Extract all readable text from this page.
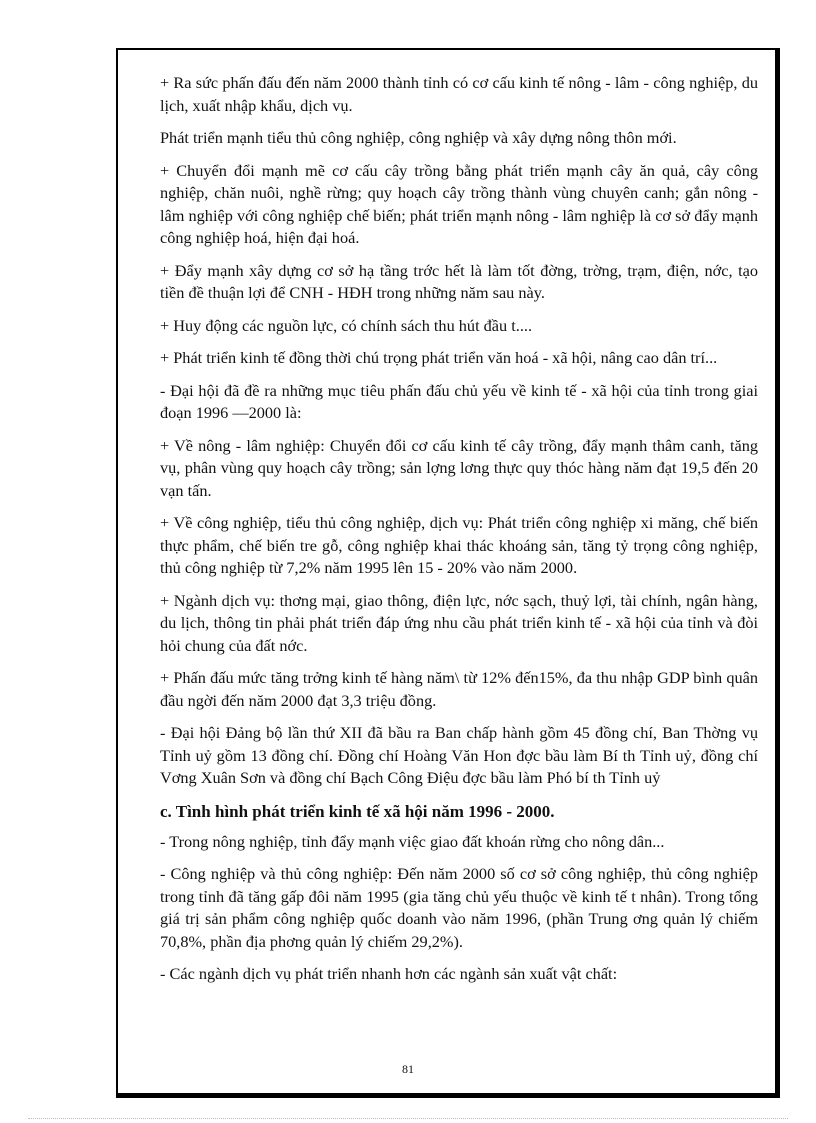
+ Ra sức phấn đấu đến năm 2000 thành tỉnh có cơ cấu kinh tế nông - lâm - công nghiệp, du lịch, xuất nhập khẩu, dịch vụ.

Phát triển mạnh tiểu thủ công nghiệp, công nghiệp và xây dựng nông thôn mới.

+ Chuyển đổi mạnh mẽ cơ cấu cây trồng bằng phát triển mạnh cây ăn quả, cây công nghiệp, chăn nuôi, nghề rừng; quy hoạch cây trồng thành vùng chuyên canh; gắn nông - lâm nghiệp với công nghiệp chế biến; phát triển mạnh nông - lâm nghiệp là cơ sở đẩy mạnh công nghiệp hoá, hiện đại hoá.

+ Đẩy mạnh xây dựng cơ sở hạ tầng trớc hết là làm tốt đờng, trờng, trạm, điện, nớc, tạo tiền đề thuận lợi để CNH - HĐH trong những năm sau này.

+ Huy động các nguồn lực, có chính sách thu hút đầu t....

+ Phát triển kinh tế đồng thời chú trọng phát triển văn hoá - xã hội, nâng cao dân trí...

- Đại hội đã đề ra những mục tiêu phấn đấu chủ yếu về kinh tế - xã hội của tỉnh trong giai đoạn 1996 —2000 là:

+ Về nông - lâm nghiệp: Chuyển đổi cơ cấu kinh tế cây trồng, đẩy mạnh thâm canh, tăng vụ, phân vùng quy hoạch cây trồng; sản lợng lơng thực quy thóc hàng năm đạt 19,5 đến 20 vạn tấn.

+ Về công nghiệp, tiểu thủ công nghiệp, dịch vụ: Phát triển công nghiệp xi măng, chế biến thực phẩm, chế biến tre gỗ, công nghiệp khai thác khoáng sản, tăng tỷ trọng công nghiệp, thủ công nghiệp từ 7,2% năm 1995 lên 15 - 20% vào năm 2000.

+ Ngành dịch vụ: thơng mại, giao thông, điện lực, nớc sạch, thuỷ lợi, tài chính, ngân hàng, du lịch, thông tin phải phát triển đáp ứng nhu cầu phát triển kinh tế - xã hội của tỉnh và đòi hỏi chung của đất nớc.

+ Phấn đấu mức tăng trởng kinh tế hàng năm\ từ 12% đến15%, đa thu nhập GDP bình quân đầu ngời đến năm 2000 đạt 3,3 triệu đồng.

- Đại hội Đảng bộ lần thứ XII đã bầu ra Ban chấp hành gồm 45 đồng chí, Ban Thờng vụ Tỉnh uỷ gồm 13 đồng chí. Đồng chí Hoàng Văn Hon đợc bầu làm Bí th Tỉnh uỷ, đồng chí Vơng Xuân Sơn và đồng chí Bạch Công Điệu đợc bầu làm Phó bí th Tỉnh uỷ

c. Tình hình phát triển kinh tế xã hội năm 1996 - 2000.

- Trong nông nghiệp, tỉnh đẩy mạnh việc giao đất khoán rừng cho nông dân...

- Công nghiệp và thủ công nghiệp: Đến năm 2000 số cơ sở công nghiệp, thủ công nghiệp trong tỉnh đã tăng gấp đôi năm 1995 (gia tăng chủ yếu thuộc về kinh tế t nhân). Trong tổng giá trị sản phẩm công nghiệp quốc doanh vào năm 1996, (phần Trung ơng quản lý chiếm 70,8%, phần địa phơng quản lý chiếm 29,2%).

- Các ngành dịch vụ phát triển nhanh hơn các ngành sản xuất vật chất:

81
